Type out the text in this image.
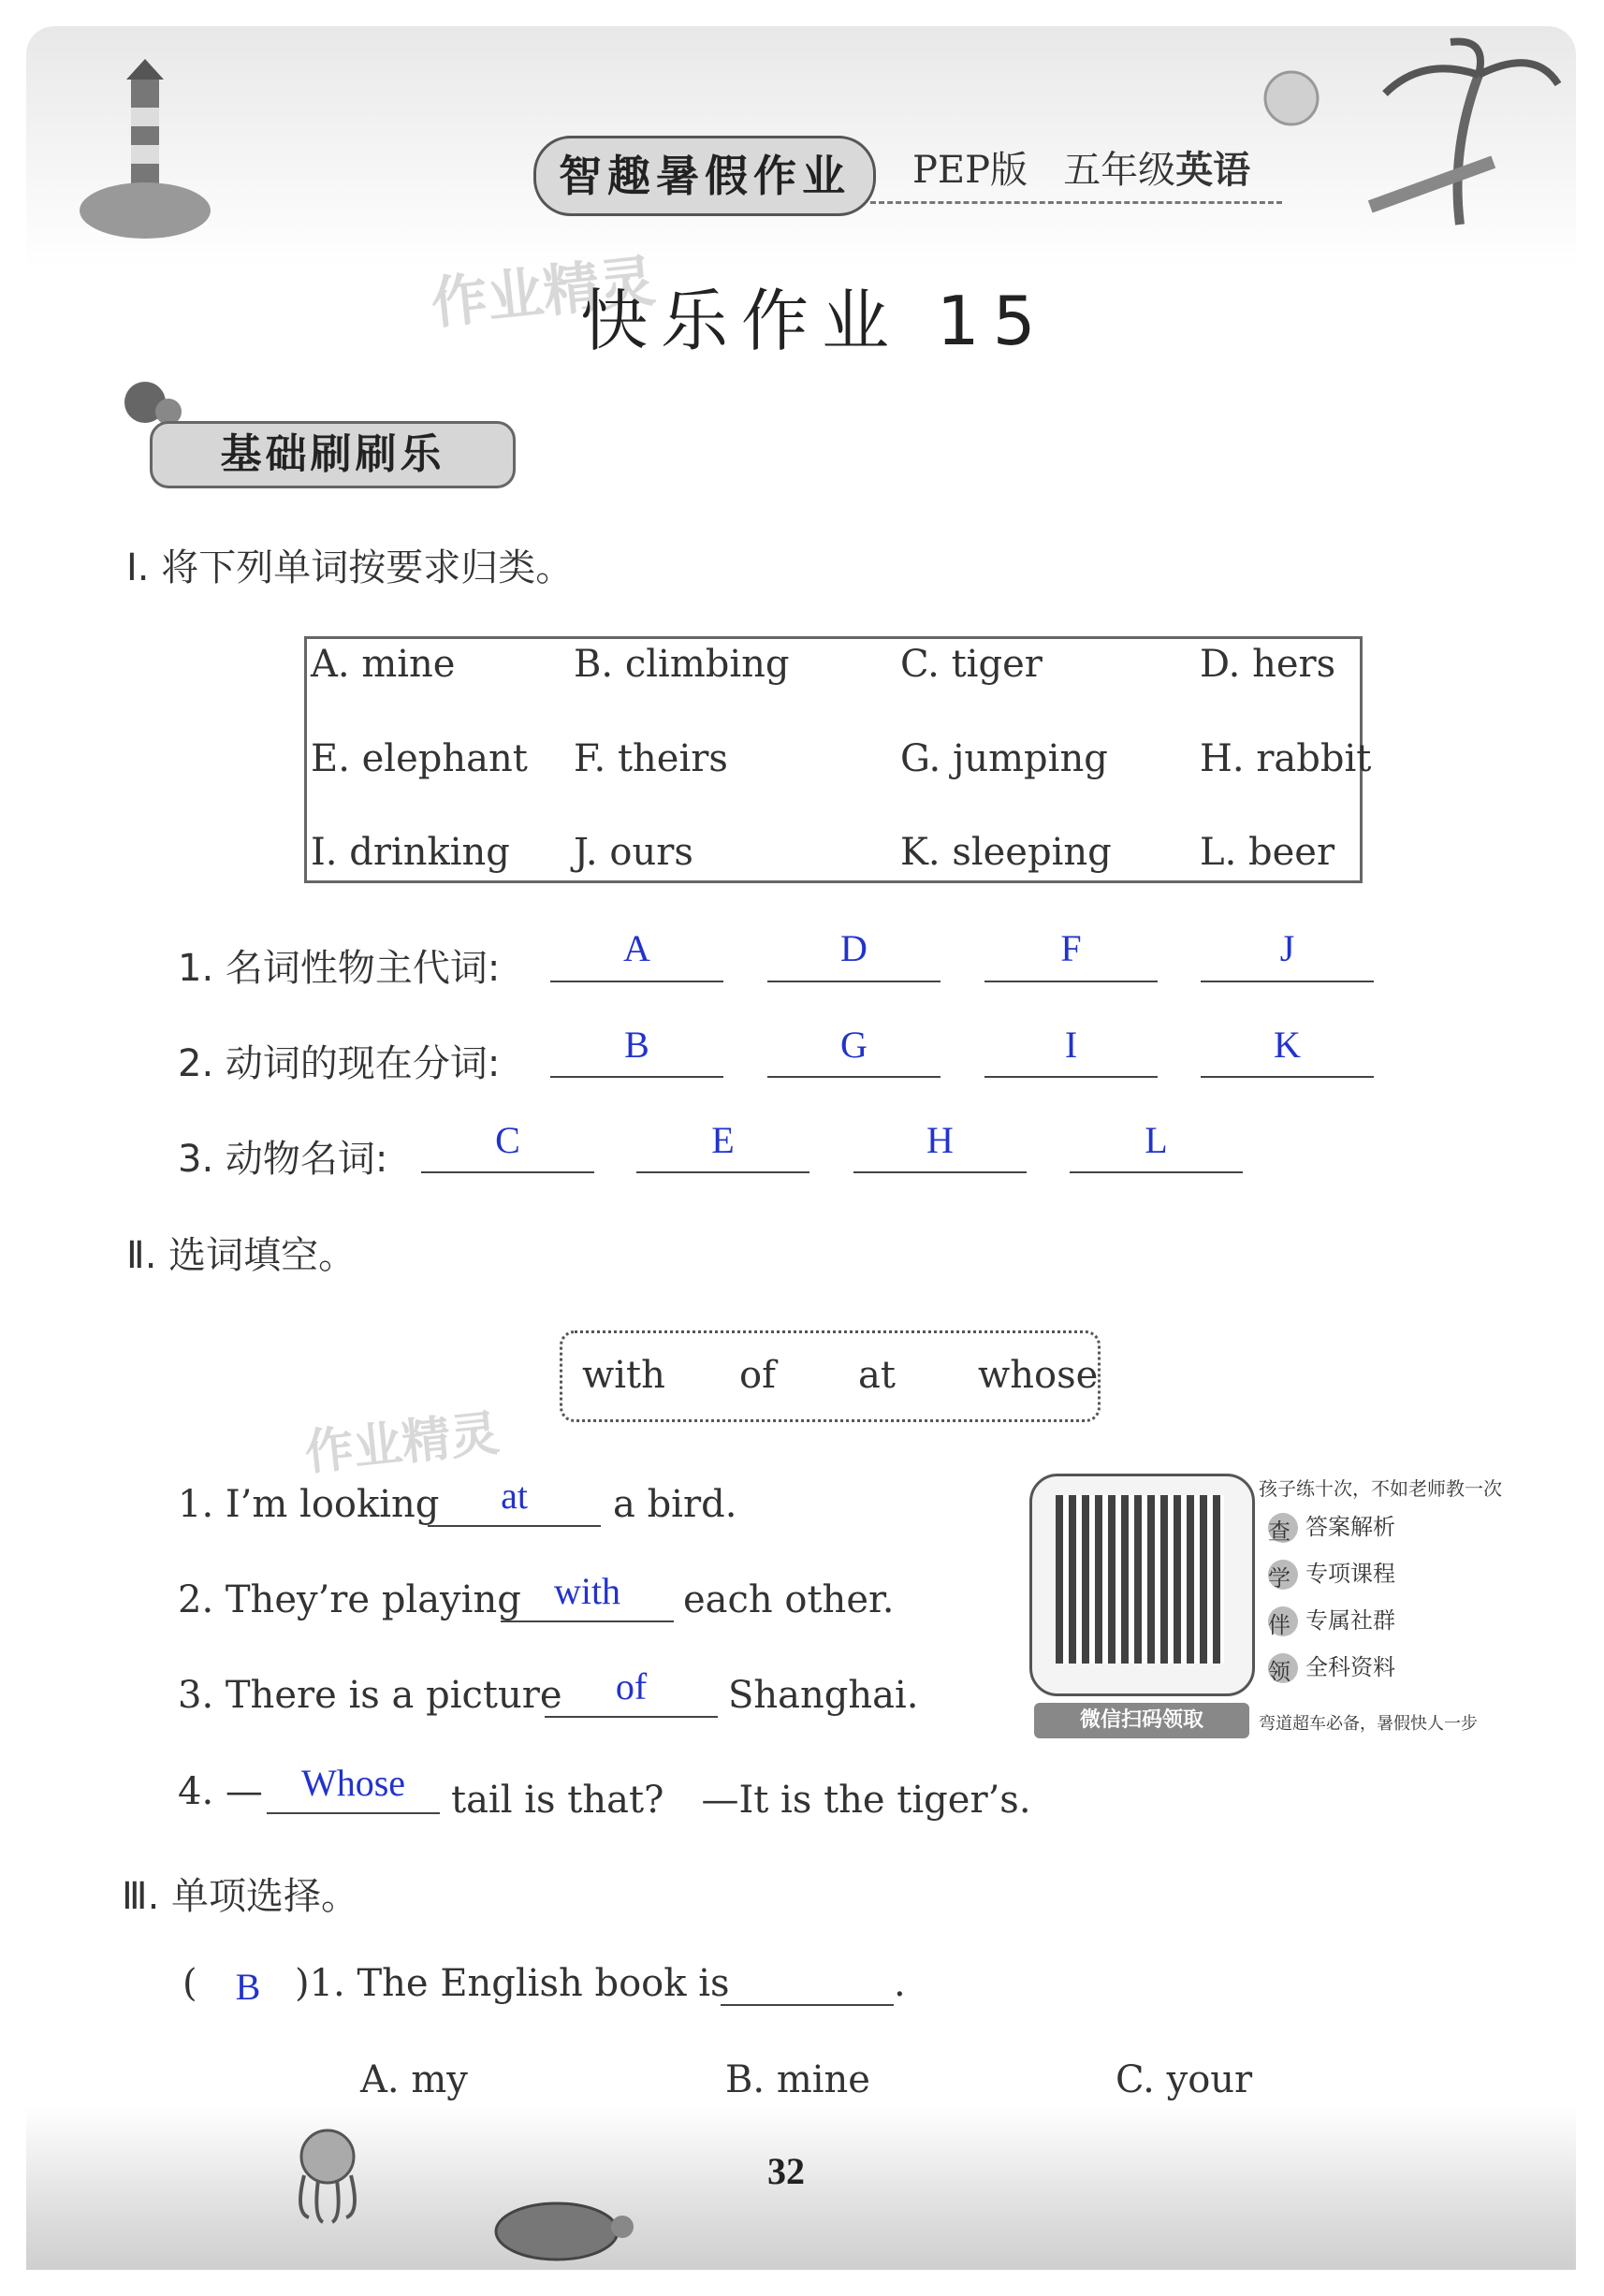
智趣暑假作业	PEP版 五年级英语
作业精灵
作业精灵
快乐作业 15
基础刷刷乐
Ⅰ. 将下列单词按要求归类。
A. mine	B. climbing	C. tiger	D. hers
E. elephant F. theirs	G. jumping H. rabbit
I. drinking J. ours	K. sleeping L. beer
1. 名词性物主代词:	A	D	F	J
2. 动词的现在分词:	B	G	I	K
3. 动物名词:	C	E	H	L
Ⅱ. 选词填空。
with of at whose
1. I’m looking	at	a bird.
2. They’re playing with	each other.
3. There is a picture	of	Shanghai.
4. —	Whose	tail is that?　—It is the tiger’s.
孩子练十次，不如老师教一次
查 答案解析
学 专项课程
伴 专属社群
领 全科资料
微信扫码领取	弯道超车必备，暑假快人一步
Ⅲ. 单项选择。
(	B )1. The English book is	.
A. my	B. mine	C. your
32
